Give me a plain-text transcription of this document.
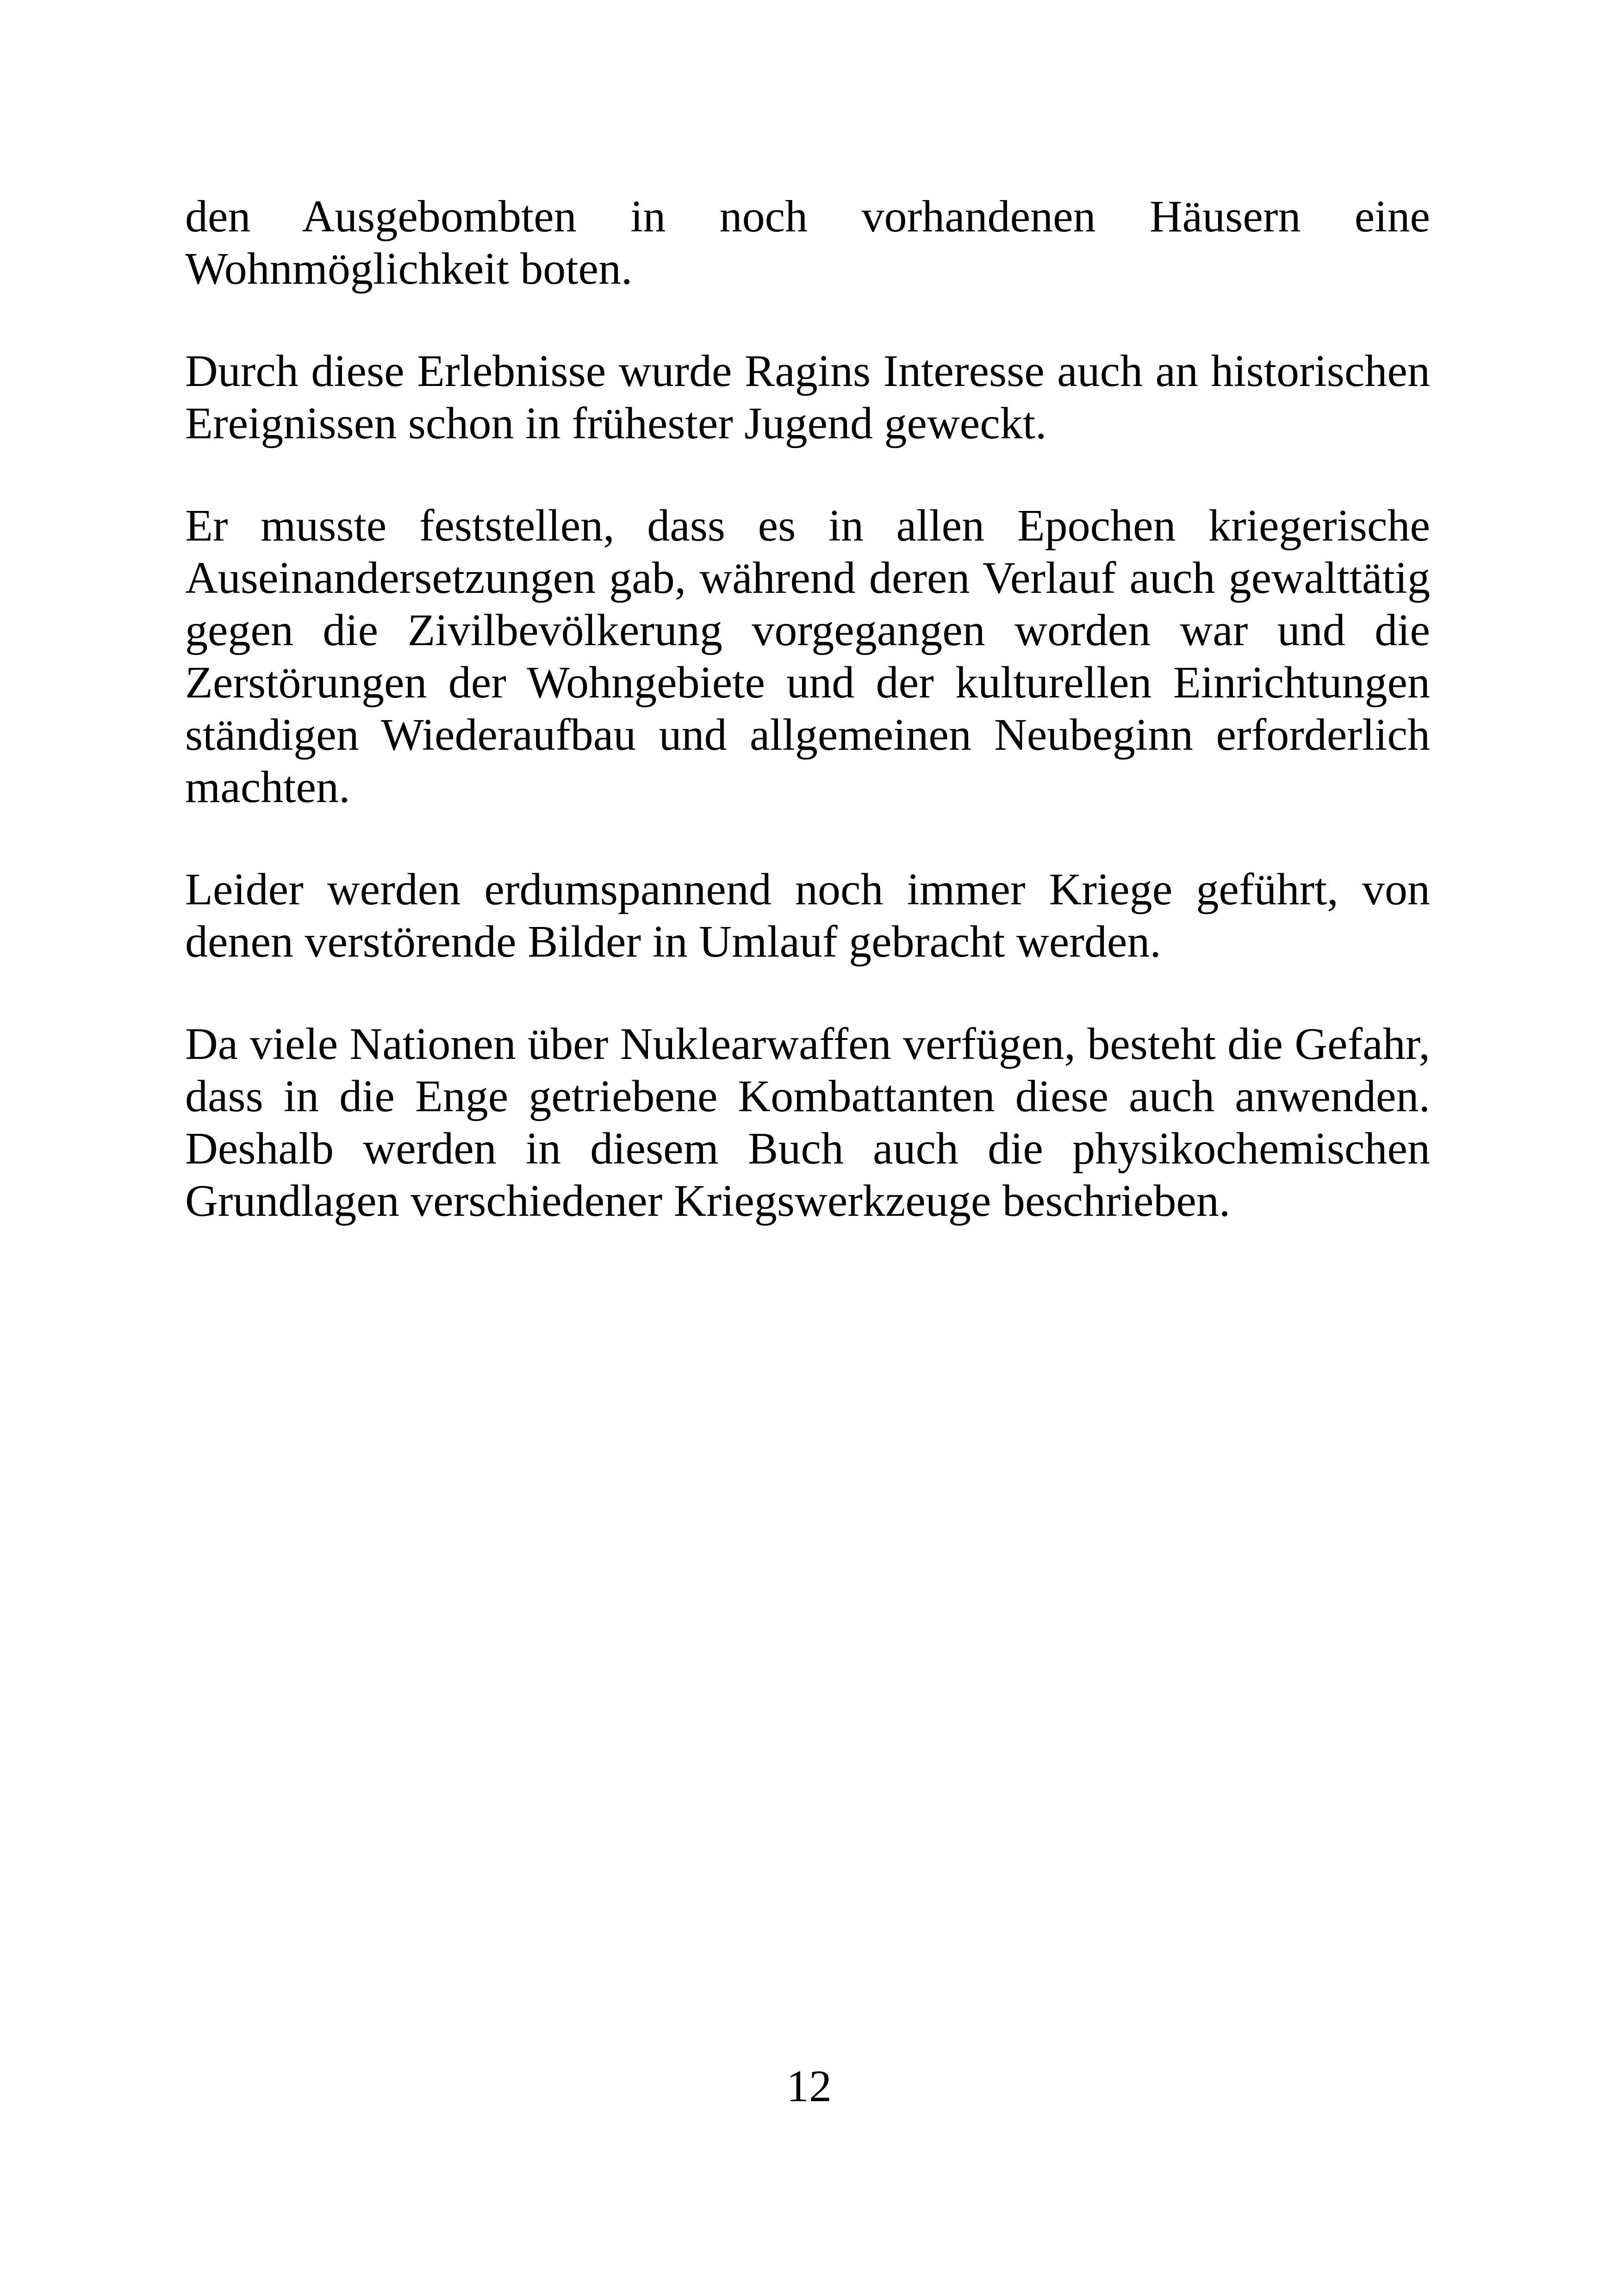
den Ausgebombten in noch vorhandenen Häusern eine Wohnmöglichkeit boten.

Durch diese Erlebnisse wurde Ragins Interesse auch an historischen Ereignissen schon in frühester Jugend geweckt.

Er musste feststellen, dass es in allen Epochen kriegerische Auseinandersetzungen gab, während deren Verlauf auch gewalttätig gegen die Zivilbevölkerung vorgegangen worden war und die Zerstörungen der Wohngebiete und der kulturellen Einrichtungen ständigen Wiederaufbau und allgemeinen Neubeginn erforderlich machten.

Leider werden erdumspannend noch immer Kriege geführt, von denen verstörende Bilder in Umlauf gebracht werden.

Da viele Nationen über Nuklearwaffen verfügen, besteht die Gefahr, dass in die Enge getriebene Kombattanten diese auch anwenden. Deshalb werden in diesem Buch auch die physikochemischen Grundlagen verschiedener Kriegswerkzeuge beschrieben.

12
